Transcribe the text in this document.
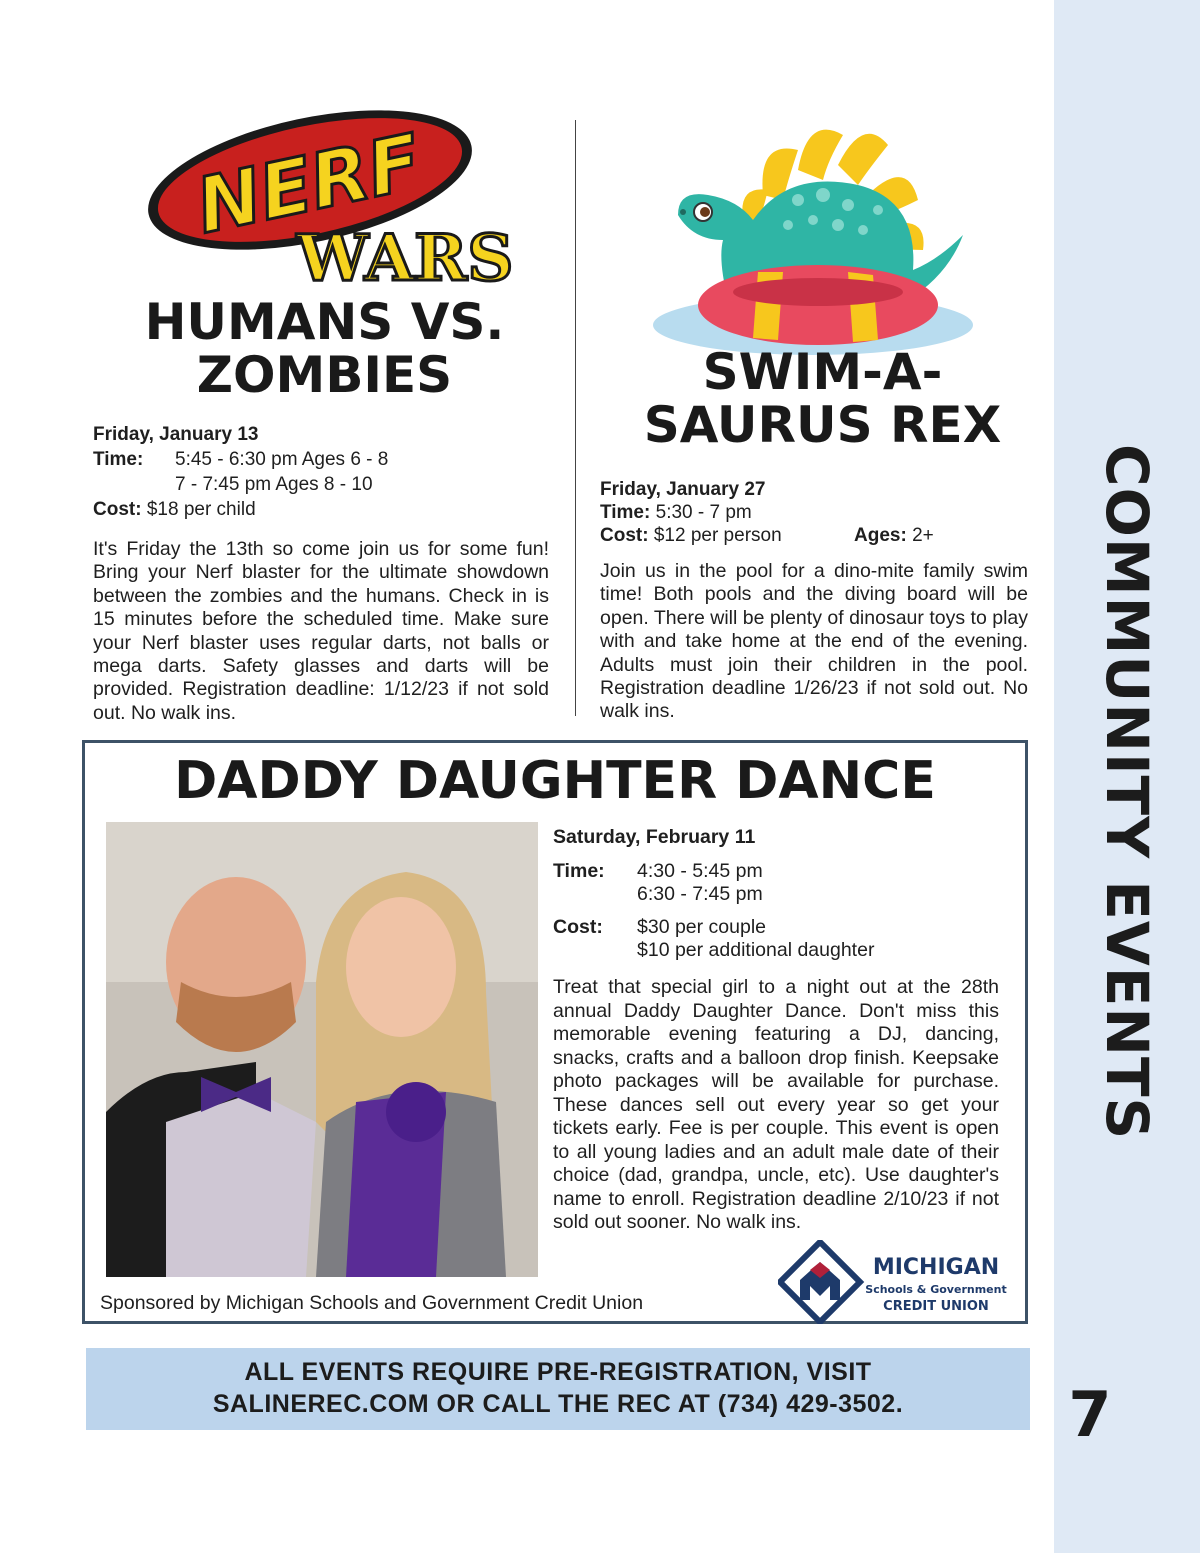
COMMUNITY EVENTS
7
NERF
WARS
HUMANS VS.
ZOMBIES
Friday, January 13
Time:	5:45 - 6:30 pm Ages 6 - 8
7 - 7:45 pm Ages 8 - 10
Cost: $18 per child

It's Friday the 13th so come join us for some fun! Bring your Nerf blaster for the ultimate showdown between the zombies and the humans. Check in is 15 minutes before the scheduled time. Make sure your Nerf blaster uses regular darts, not balls or mega darts. Safety glasses and darts will be provided. Registration deadline: 1/12/23 if not sold out. No walk ins.

SWIM-A-
SAURUS REX
Friday, January 27
Time: 5:30 - 7 pm
Cost: $12 per person	Ages: 2+

Join us in the pool for a dino-mite family swim time! Both pools and the diving board will be open. There will be plenty of dinosaur toys to play with and take home at the end of the evening. Adults must join their children in the pool. Registration deadline 1/26/23 if not sold out. No walk ins.

DADDY DAUGHTER DANCE
Saturday, February 11
Time:	4:30 - 5:45 pm
6:30 - 7:45 pm
Cost:	$30 per couple
$10 per additional daughter

Treat that special girl to a night out at the 28th annual Daddy Daughter Dance. Don't miss this memorable evening featuring a DJ, dancing, snacks, crafts and a balloon drop finish. Keepsake photo packages will be available for purchase. These dances sell out every year so get your tickets early. Fee is per couple. This event is open to all young ladies and an adult male date of their choice (dad, grandpa, uncle, etc). Use daughter's name to enroll. Registration deadline 2/10/23 if not sold out sooner. No walk ins.

Sponsored by Michigan Schools and Government Credit Union
MICHIGAN
Schools & Government
CREDIT UNION
ALL EVENTS REQUIRE PRE-REGISTRATION, VISIT
SALINEREC.COM OR CALL THE REC AT (734) 429-3502.
